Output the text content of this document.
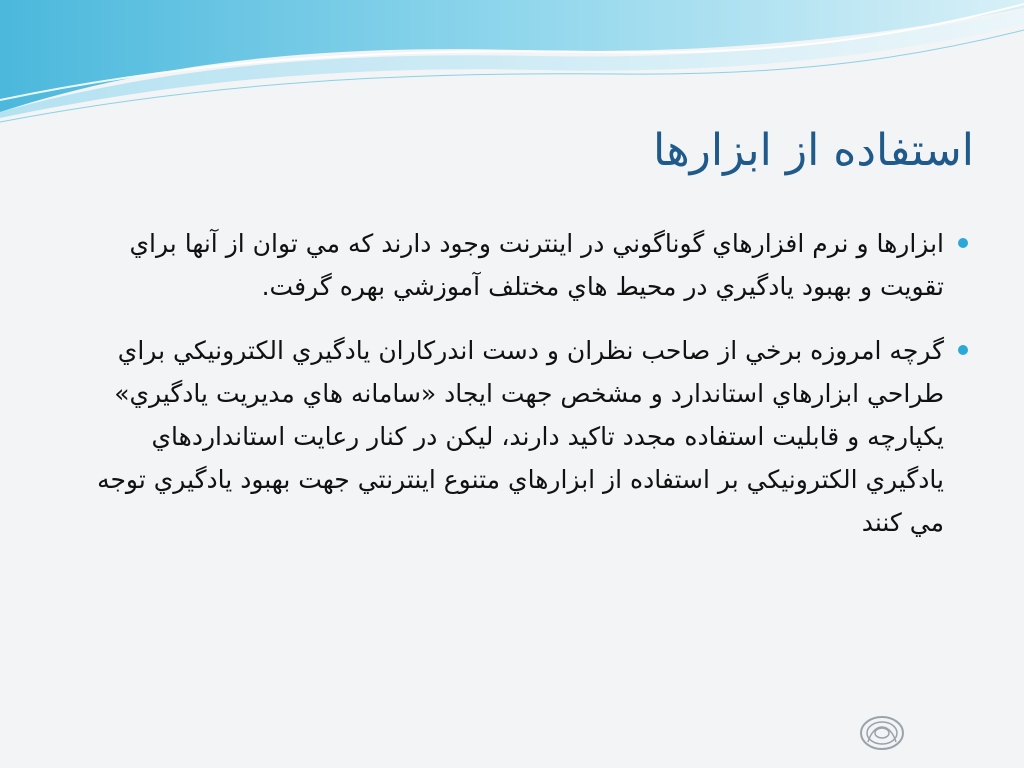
استفاده از ابزارها
ابزارها و نرم افزارهاي گوناگوني در اينترنت وجود دارند كه مي توان از آنها براي تقويت و بهبود يادگيري در محيط هاي مختلف آموزشي بهره گرفت.
گرچه امروزه برخي از صاحب نظران و دست اندركاران يادگيري الكترونيكي براي طراحي ابزارهاي استاندارد و مشخص جهت ايجاد «سامانه هاي مديريت يادگيري» يكپارچه و قابليت استفاده مجدد تاكيد دارند، ليكن در كنار رعايت استانداردهاي يادگيري الكترونيكي بر استفاده از ابزارهاي متنوع اينترنتي جهت بهبود يادگيري توجه مي كنند
